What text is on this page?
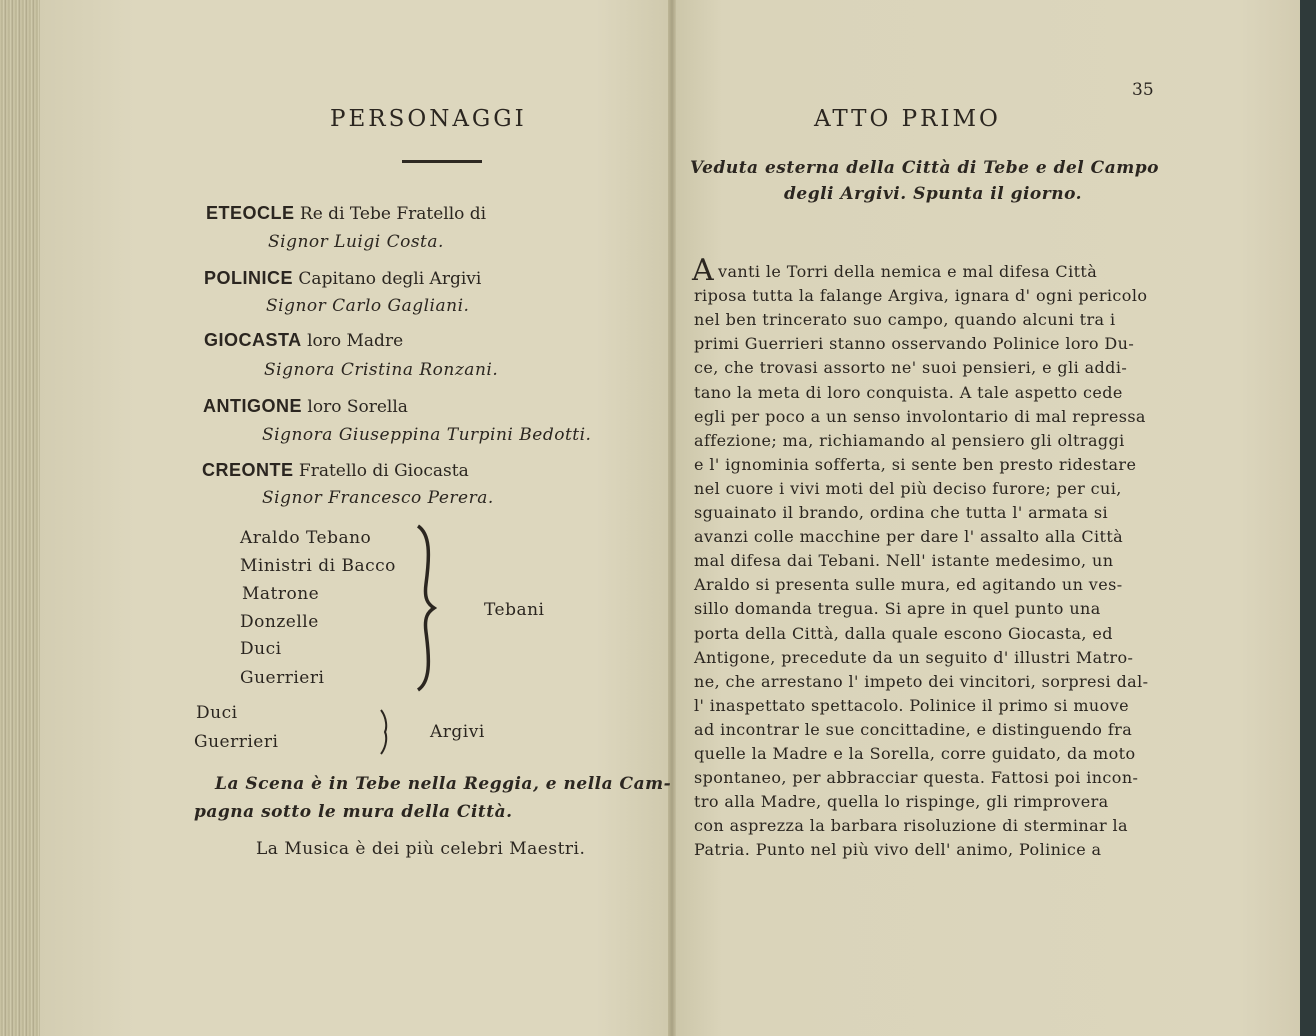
PERSONAGGI
ETEOCLE Re di Tebe Fratello di
Signor Luigi Costa.
POLINICE Capitano degli Argivi
Signor Carlo Gagliani.
GIOCASTA loro Madre
Signora Cristina Ronzani.
ANTIGONE loro Sorella
Signora Giuseppina Turpini Bedotti.
CREONTE Fratello di Giocasta
Signor Francesco Perera.
Araldo Tebano
Ministri di Bacco
Matrone
Donzelle
Duci
Guerrieri
Tebani
Duci
Guerrieri	Argivi
La Scena è in Tebe nella Reggia, e nella Cam-
pagna sotto le mura della Città.
La Musica è dei più celebri Maestri.
35
ATTO PRIMO
Veduta esterna della Città di Tebe e del Campo
degli Argivi. Spunta il giorno.
A vanti le Torri della nemica e mal difesa Città
riposa tutta la falange Argiva, ignara d' ogni pericolo
nel ben trincerato suo campo, quando alcuni tra i
primi Guerrieri stanno osservando Polinice loro Du-
ce, che trovasi assorto ne' suoi pensieri, e gli addi-
tano la meta di loro conquista. A tale aspetto cede
egli per poco a un senso involontario di mal repressa
affezione; ma, richiamando al pensiero gli oltraggi
e l' ignominia sofferta, si sente ben presto ridestare
nel cuore i vivi moti del più deciso furore; per cui,
sguainato il brando, ordina che tutta l' armata si
avanzi colle macchine per dare l' assalto alla Città
mal difesa dai Tebani. Nell' istante medesimo, un
Araldo si presenta sulle mura, ed agitando un ves-
sillo domanda tregua. Si apre in quel punto una
porta della Città, dalla quale escono Giocasta, ed
Antigone, precedute da un seguito d' illustri Matro-
ne, che arrestano l' impeto dei vincitori, sorpresi dal-
l' inaspettato spettacolo. Polinice il primo si muove
ad incontrar le sue concittadine, e distinguendo fra
quelle la Madre e la Sorella, corre guidato, da moto
spontaneo, per abbracciar questa. Fattosi poi incon-
tro alla Madre, quella lo rispinge, gli rimprovera
con asprezza la barbara risoluzione di sterminar la
Patria. Punto nel più vivo dell' animo, Polinice a
